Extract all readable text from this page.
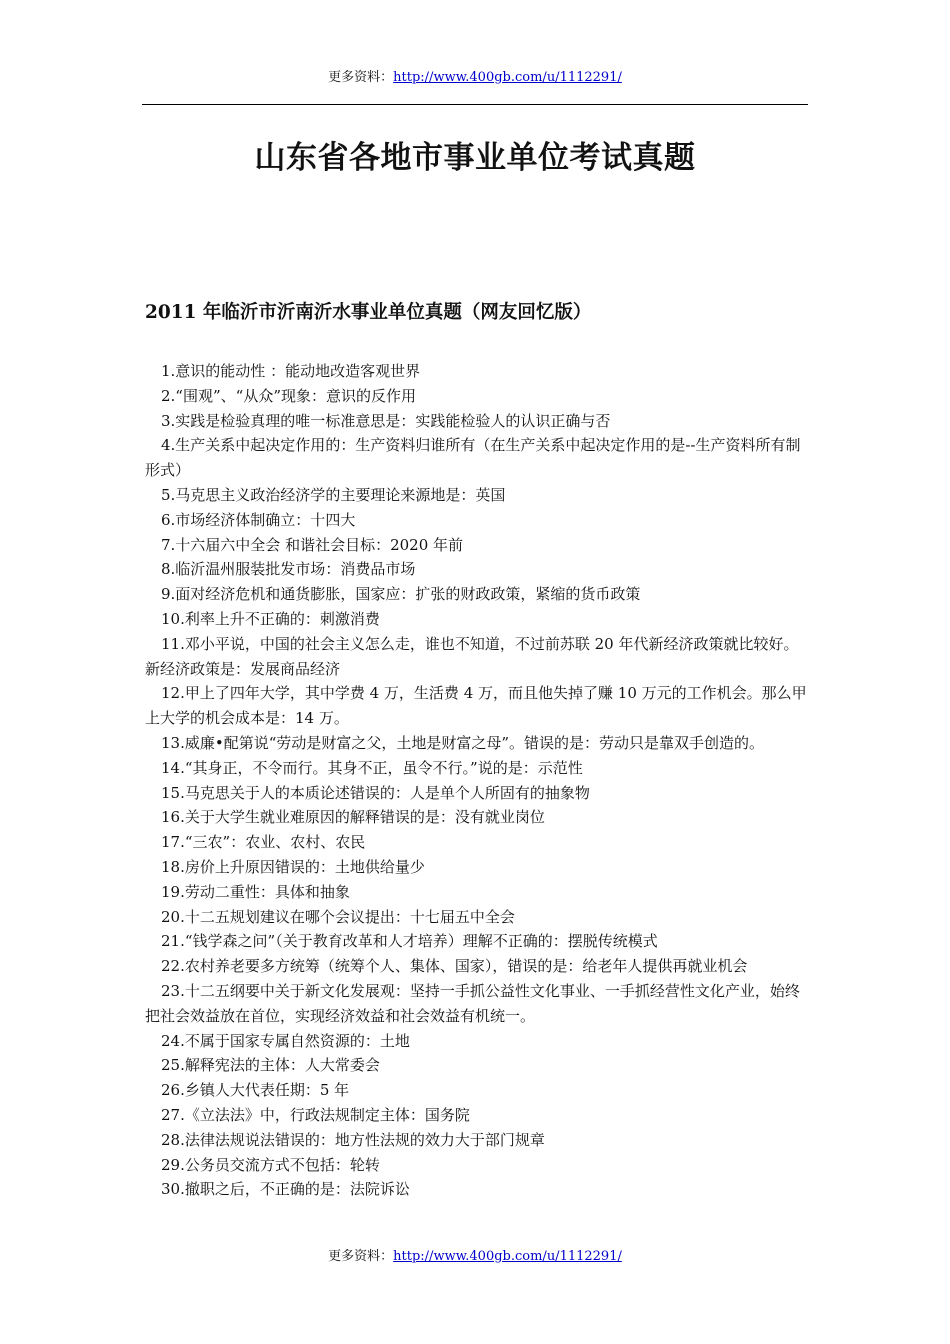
更多资料：http://www.400gb.com/u/1112291/
山东省各地市事业单位考试真题
2011 年临沂市沂南沂水事业单位真题（网友回忆版）

1.意识的能动性 ：能动地改造客观世界

2.“围观”、“从众”现象：意识的反作用

3.实践是检验真理的唯一标准意思是：实践能检验人的认识正确与否

4.生产关系中起决定作用的：生产资料归谁所有（在生产关系中起决定作用的是--生产资料所有制形式）

5.马克思主义政治经济学的主要理论来源地是：英国

6.市场经济体制确立：十四大

7.十六届六中全会 和谐社会目标：2020 年前

8.临沂温州服装批发市场：消费品市场

9.面对经济危机和通货膨胀，国家应：扩张的财政政策，紧缩的货币政策

10.利率上升不正确的：刺激消费

11.邓小平说，中国的社会主义怎么走，谁也不知道，不过前苏联 20 年代新经济政策就比较好。新经济政策是：发展商品经济

12.甲上了四年大学，其中学费 4 万，生活费 4 万，而且他失掉了赚 10 万元的工作机会。那么甲上大学的机会成本是：14 万。

13.威廉•配第说“劳动是财富之父，土地是财富之母”。错误的是：劳动只是靠双手创造的。

14.“其身正，不令而行。其身不正，虽令不行。”说的是：示范性

15.马克思关于人的本质论述错误的：人是单个人所固有的抽象物

16.关于大学生就业难原因的解释错误的是：没有就业岗位

17.“三农”：农业、农村、农民

18.房价上升原因错误的：土地供给量少

19.劳动二重性：具体和抽象

20.十二五规划建议在哪个会议提出：十七届五中全会

21.“钱学森之问”（关于教育改革和人才培养）理解不正确的：摆脱传统模式

22.农村养老要多方统筹（统筹个人、集体、国家），错误的是：给老年人提供再就业机会

23.十二五纲要中关于新文化发展观：坚持一手抓公益性文化事业、一手抓经营性文化产业，始终把社会效益放在首位，实现经济效益和社会效益有机统一。

24.不属于国家专属自然资源的：土地

25.解释宪法的主体：人大常委会

26.乡镇人大代表任期：5 年

27.《立法法》中，行政法规制定主体：国务院

28.法律法规说法错误的：地方性法规的效力大于部门规章

29.公务员交流方式不包括：轮转

30.撤职之后，不正确的是：法院诉讼

更多资料：http://www.400gb.com/u/1112291/
